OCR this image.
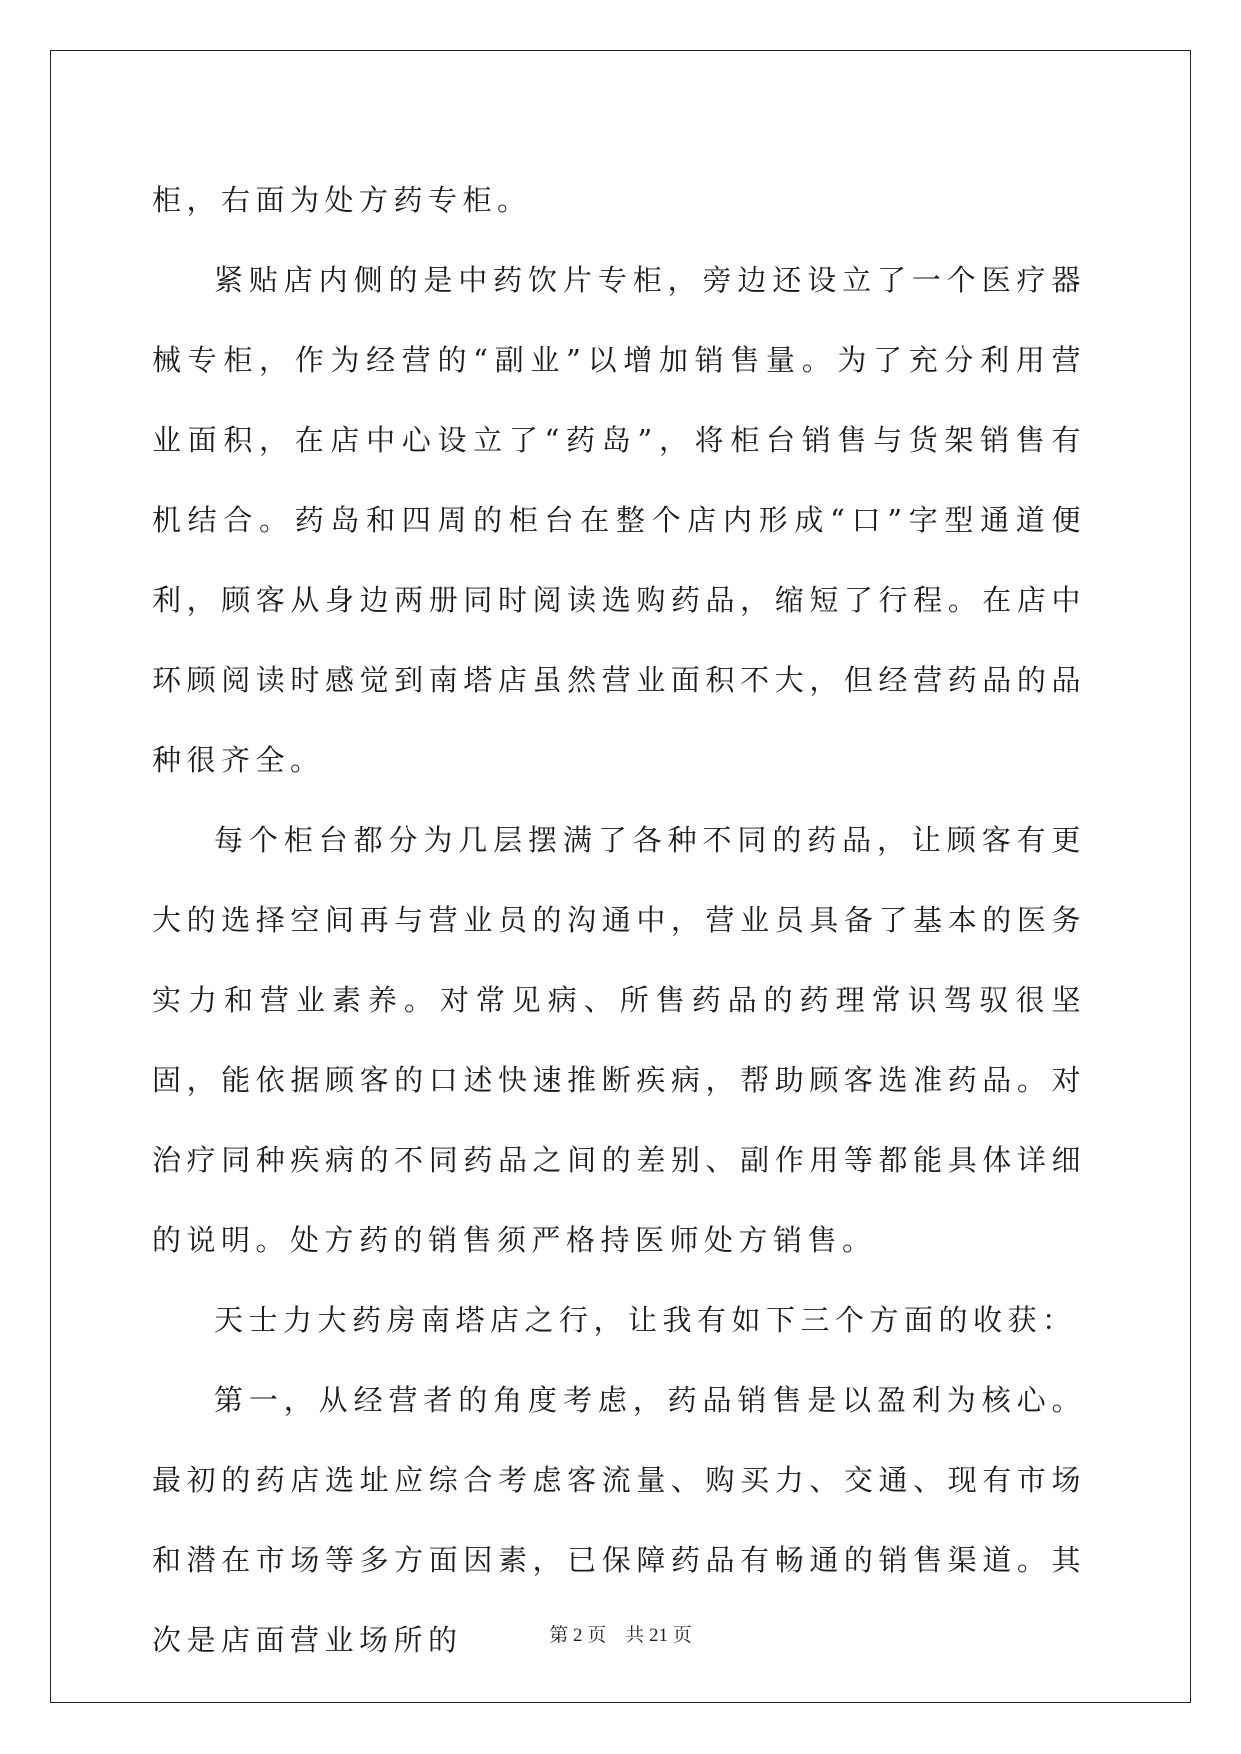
柜，右面为处方药专柜。

紧贴店内侧的是中药饮片专柜，旁边还设立了一个医疗器械专柜，作为经营的“副业”以增加销售量。为了充分利用营业面积，在店中心设立了“药岛”，将柜台销售与货架销售有机结合。药岛和四周的柜台在整个店内形成“口”字型通道便利，顾客从身边两册同时阅读选购药品，缩短了行程。在店中环顾阅读时感觉到南塔店虽然营业面积不大，但经营药品的品种很齐全。

每个柜台都分为几层摆满了各种不同的药品，让顾客有更大的选择空间再与营业员的沟通中，营业员具备了基本的医务实力和营业素养。对常见病、所售药品的药理常识驾驭很坚固，能依据顾客的口述快速推断疾病，帮助顾客选准药品。对治疗同种疾病的不同药品之间的差别、副作用等都能具体详细的说明。处方药的销售须严格持医师处方销售。

天士力大药房南塔店之行，让我有如下三个方面的收获：

第一，从经营者的角度考虑，药品销售是以盈利为核心。最初的药店选址应综合考虑客流量、购买力、交通、现有市场和潜在市场等多方面因素，已保障药品有畅通的销售渠道。其次是店面营业场所的	第 2 页    共 21 页
